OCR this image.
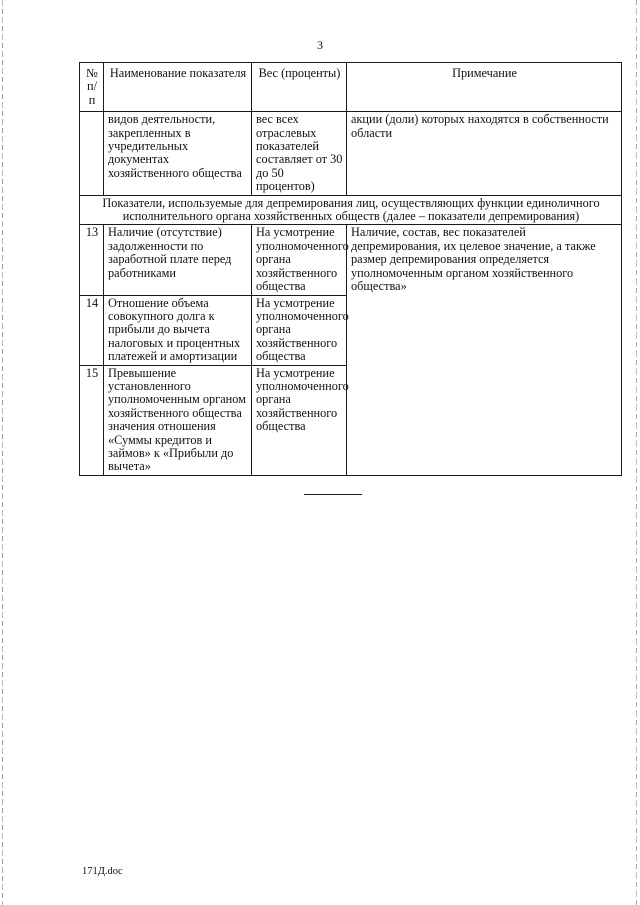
3
№
п/п	Наименование показателя	Вес (проценты)	Примечание
	видов деятельности, закрепленных в учредительных документах хозяйственного общества	вес всех отраслевых показателей составляет от 30 до 50 процентов)	акции (доли) которых находятся в собственности области
Показатели, используемые для депремирования лиц, осуществляющих функции единоличного исполнительного органа хозяйственных обществ (далее – показатели депремирования)			
13	Наличие (отсутствие) задолженности по заработной плате перед работниками	На усмотрение уполномоченного органа хозяйственного общества	Наличие, состав, вес показателей депремирования, их целевое значение, а также размер депремирования определяется уполномоченным органом хозяйственного общества»
14	Отношение объема совокупного долга к прибыли до вычета налоговых и процентных платежей и амортизации	На усмотрение уполномоченного органа хозяйственного общества	
15	Превышение установленного уполномоченным органом хозяйственного общества значения отношения «Суммы кредитов и займов» к «Прибыли до вычета»	На усмотрение уполномоченного органа хозяйственного общества	
171Д.doc
